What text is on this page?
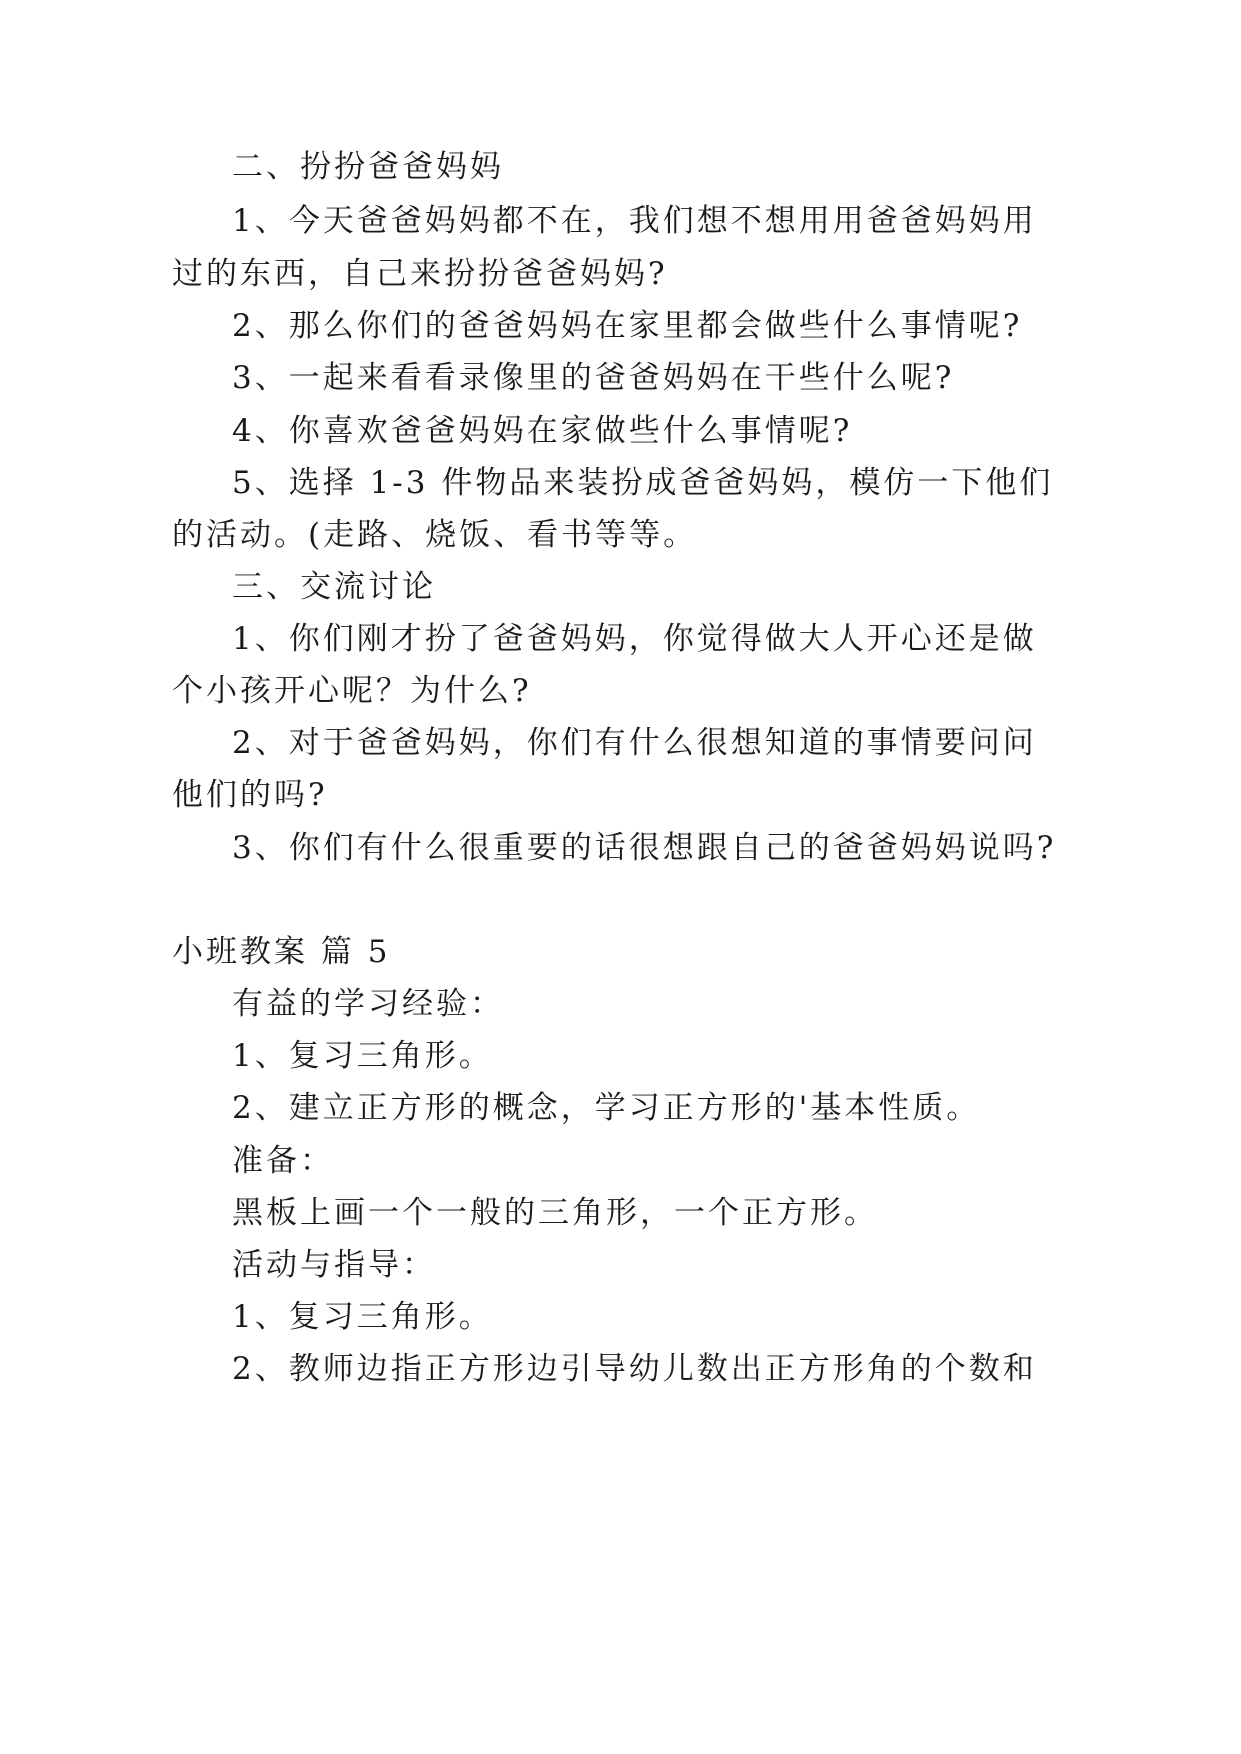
二、扮扮爸爸妈妈
1、今天爸爸妈妈都不在，我们想不想用用爸爸妈妈用
过的东西，自己来扮扮爸爸妈妈?
2、那么你们的爸爸妈妈在家里都会做些什么事情呢?
3、一起来看看录像里的爸爸妈妈在干些什么呢?
4、你喜欢爸爸妈妈在家做些什么事情呢?
5、选择 1-3 件物品来装扮成爸爸妈妈，模仿一下他们
的活动。(走路、烧饭、看书等等。
三、交流讨论
1、你们刚才扮了爸爸妈妈，你觉得做大人开心还是做
个小孩开心呢？为什么?
2、对于爸爸妈妈，你们有什么很想知道的事情要问问
他们的吗?
3、你们有什么很重要的话很想跟自己的爸爸妈妈说吗?
小班教案 篇 5
有益的学习经验：
1、复习三角形。
2、建立正方形的概念，学习正方形的'基本性质。
准备：
黑板上画一个一般的三角形，一个正方形。
活动与指导：
1、复习三角形。
2、教师边指正方形边引导幼儿数出正方形角的个数和
